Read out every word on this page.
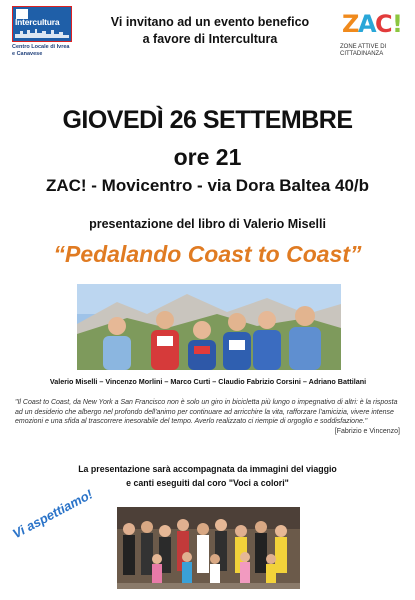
Intercultura
Centro Locale di Ivrea e Canavese
Z
A
C !
ZONE ATTIVE DI CITTADINANZA
Vi invitano ad un evento benefico
a favore di Intercultura
GIOVEDÌ 26 SETTEMBRE
ore 21
ZAC! - Movicentro - via Dora Baltea 40/b
presentazione del libro di Valerio Miselli
“Pedalando Coast to Coast”
Valerio Miselli – Vincenzo Morlini – Marco Curti – Claudio Fabrizio Corsini – Adriano Battilani
"Il Coast to Coast, da New York a San Francisco non è solo un giro in bicicletta più lungo o impegnativo di altri: è la risposta ad un desiderio che albergo nel profondo dell'animo per continuare ad arricchire la vita, rafforzare l'amicizia, vivere intense emozioni e una sfida al trascorrere inesorabile del tempo. Averlo realizzato ci riempie di orgoglio e soddisfazione."
[Fabrizio e Vincenzo]
La presentazione sarà accompagnata da immagini del viaggio
e canti eseguiti dal coro "Voci a colori"
Vi aspettiamo!
